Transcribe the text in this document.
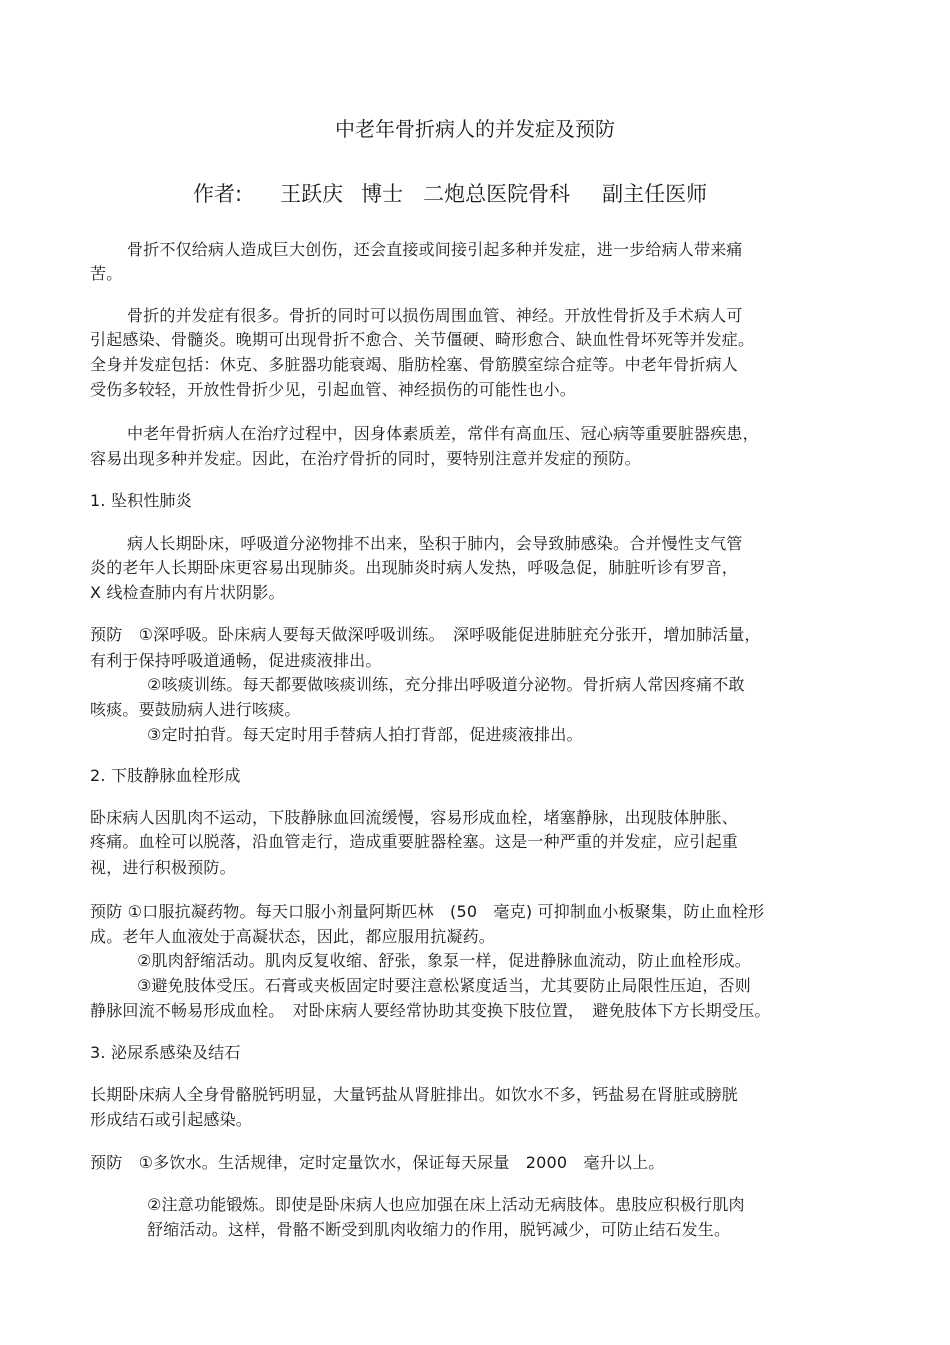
中老年骨折病人的并发症及预防
作者: 王跃庆 博士 二炮总医院骨科 副主任医师
骨折不仅给病人造成巨大创伤，还会直接或间接引起多种并发症，进一步给病人带来痛
苦。
骨折的并发症有很多。骨折的同时可以损伤周围血管、神经。开放性骨折及手术病人可
引起感染、骨髓炎。晚期可出现骨折不愈合、关节僵硬、畸形愈合、缺血性骨坏死等并发症。
全身并发症包括：休克、多脏器功能衰竭、脂肪栓塞、骨筋膜室综合症等。中老年骨折病人
受伤多较轻，开放性骨折少见，引起血管、神经损伤的可能性也小。
中老年骨折病人在治疗过程中，因身体素质差，常伴有高血压、冠心病等重要脏器疾患，
容易出现多种并发症。因此，在治疗骨折的同时，要特别注意并发症的预防。
1. 坠积性肺炎
病人长期卧床，呼吸道分泌物排不出来，坠积于肺内，会导致肺感染。合并慢性支气管
炎的老年人长期卧床更容易出现肺炎。出现肺炎时病人发热，呼吸急促，肺脏听诊有罗音，
X 线检查肺内有片状阴影。
预防　①深呼吸。卧床病人要每天做深呼吸训练。　深呼吸能促进肺脏充分张开，增加肺活量，
有利于保持呼吸道通畅，促进痰液排出。
②咳痰训练。每天都要做咳痰训练，充分排出呼吸道分泌物。骨折病人常因疼痛不敢
咳痰。要鼓励病人进行咳痰。
③定时拍背。每天定时用手替病人拍打背部，促进痰液排出。
2. 下肢静脉血栓形成
卧床病人因肌肉不运动，下肢静脉血回流缓慢，容易形成血栓，堵塞静脉，出现肢体肿胀、
疼痛。血栓可以脱落，沿血管走行，造成重要脏器栓塞。这是一种严重的并发症，应引起重
视，进行积极预防。
预防 ①口服抗凝药物。每天口服小剂量阿斯匹林　(50　毫克) 可抑制血小板聚集，防止血栓形
成。老年人血液处于高凝状态，因此，都应服用抗凝药。
②肌肉舒缩活动。肌肉反复收缩、舒张，象泵一样，促进静脉血流动，防止血栓形成。
③避免肢体受压。石膏或夹板固定时要注意松紧度适当，尤其要防止局限性压迫，否则
静脉回流不畅易形成血栓。　对卧床病人要经常协助其变换下肢位置，　避免肢体下方长期受压。
3. 泌尿系感染及结石
长期卧床病人全身骨骼脱钙明显，大量钙盐从肾脏排出。如饮水不多，钙盐易在肾脏或膀胱
形成结石或引起感染。
预防　①多饮水。生活规律，定时定量饮水，保证每天尿量　2000　毫升以上。
②注意功能锻炼。即使是卧床病人也应加强在床上活动无病肢体。患肢应积极行肌肉
舒缩活动。这样，骨骼不断受到肌肉收缩力的作用，脱钙减少，可防止结石发生。
